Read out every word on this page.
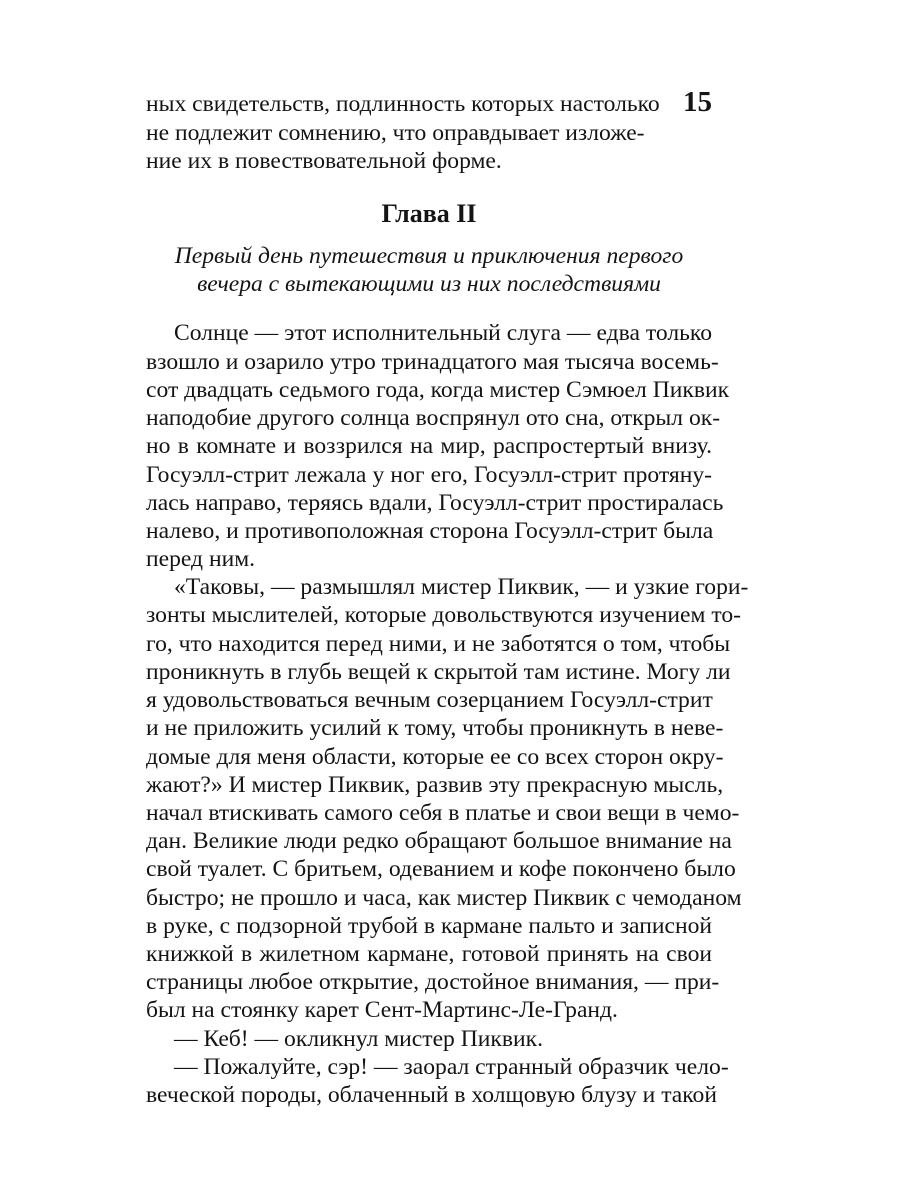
15

ных свидетельств, подлинность которых настолько

не подлежит сомнению, что оправдывает изложе-

ние их в повествовательной форме.

Глава II

Первый день путешествия и приключения первого

вечера с вытекающими из них последствиями

Солнце — этот исполнительный слуга — едва только

взошло и озарило утро тринадцатого мая тысяча восемь-

сот двадцать седьмого года, когда мистер Сэмюел Пиквик

наподобие другого солнца воспрянул ото сна, открыл ок-

но в комнате и воззрился на мир, распростертый внизу.

Госуэлл-стрит лежала у ног его, Госуэлл-стрит протяну-

лась направо, теряясь вдали, Госуэлл-стрит простиралась

налево, и противоположная сторона Госуэлл-стрит была

перед ним.

«Таковы, — размышлял мистер Пиквик, — и узкие гори-

зонты мыслителей, которые довольствуются изучением то-

го, что находится перед ними, и не заботятся о том, чтобы

проникнуть в глубь вещей к скрытой там истине. Могу ли

я удовольствоваться вечным созерцанием Госуэлл-стрит

и не приложить усилий к тому, чтобы проникнуть в неве-

домые для меня области, которые ее со всех сторон окру-

жают?» И мистер Пиквик, развив эту прекрасную мысль,

начал втискивать самого себя в платье и свои вещи в чемо-

дан. Великие люди редко обращают большое внимание на

свой туалет. С бритьем, одеванием и кофе покончено было

быстро; не прошло и часа, как мистер Пиквик с чемоданом

в руке, с подзорной трубой в кармане пальто и записной

книжкой в жилетном кармане, готовой принять на свои

страницы любое открытие, достойное внимания, — при-

был на стоянку карет Сент-Мартинс-Ле-Гранд.

— Кеб! — окликнул мистер Пиквик.

— Пожалуйте, сэр! — заорал странный образчик чело-

веческой породы, облаченный в холщовую блузу и такой
